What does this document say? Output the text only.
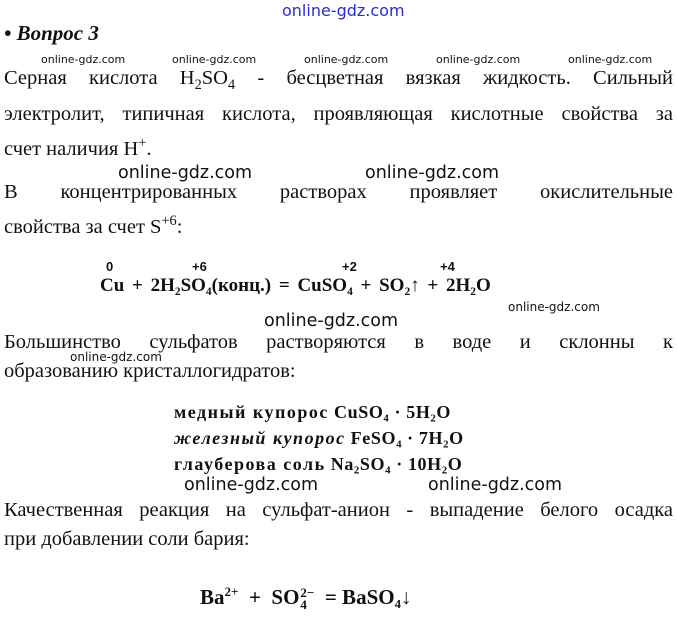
online-gdz.com
online-gdz.com	online-gdz.com	online-gdz.com	online-gdz.com	online-gdz.com
online-gdz.com	online-gdz.com
online-gdz.com
online-gdz.com
online-gdz.com
online-gdz.com	online-gdz.com
• Вопрос 3
Серная кислота $H_2SO_4$ - бесцветная вязкая жидкость. Сильный
электролит, типичная кислота, проявляющая кислотные свойства за
счет наличия H+.
В концентрированных растворах проявляет окислительные
свойства за счет $S^{+6}$:
0	+6	+2	+4
Cu + 2H₂SO₄(конц.) = CuSO₄ + SO₂↑ + 2H₂O
Большинство сульфатов растворяются в воде и склонны к
образованию кристаллогидратов:
медный купорос CuSO₄ · 5H₂O
железный купорос FeSO₄ · 7H₂O
глауберова соль Na₂SO₄ · 10H₂O
Качественная реакция на сульфат-анион - выпадение белого осадка
при добавлении соли бария:
$Ba^{2+}$ + SO 2−
4 = BaSO₄↓
